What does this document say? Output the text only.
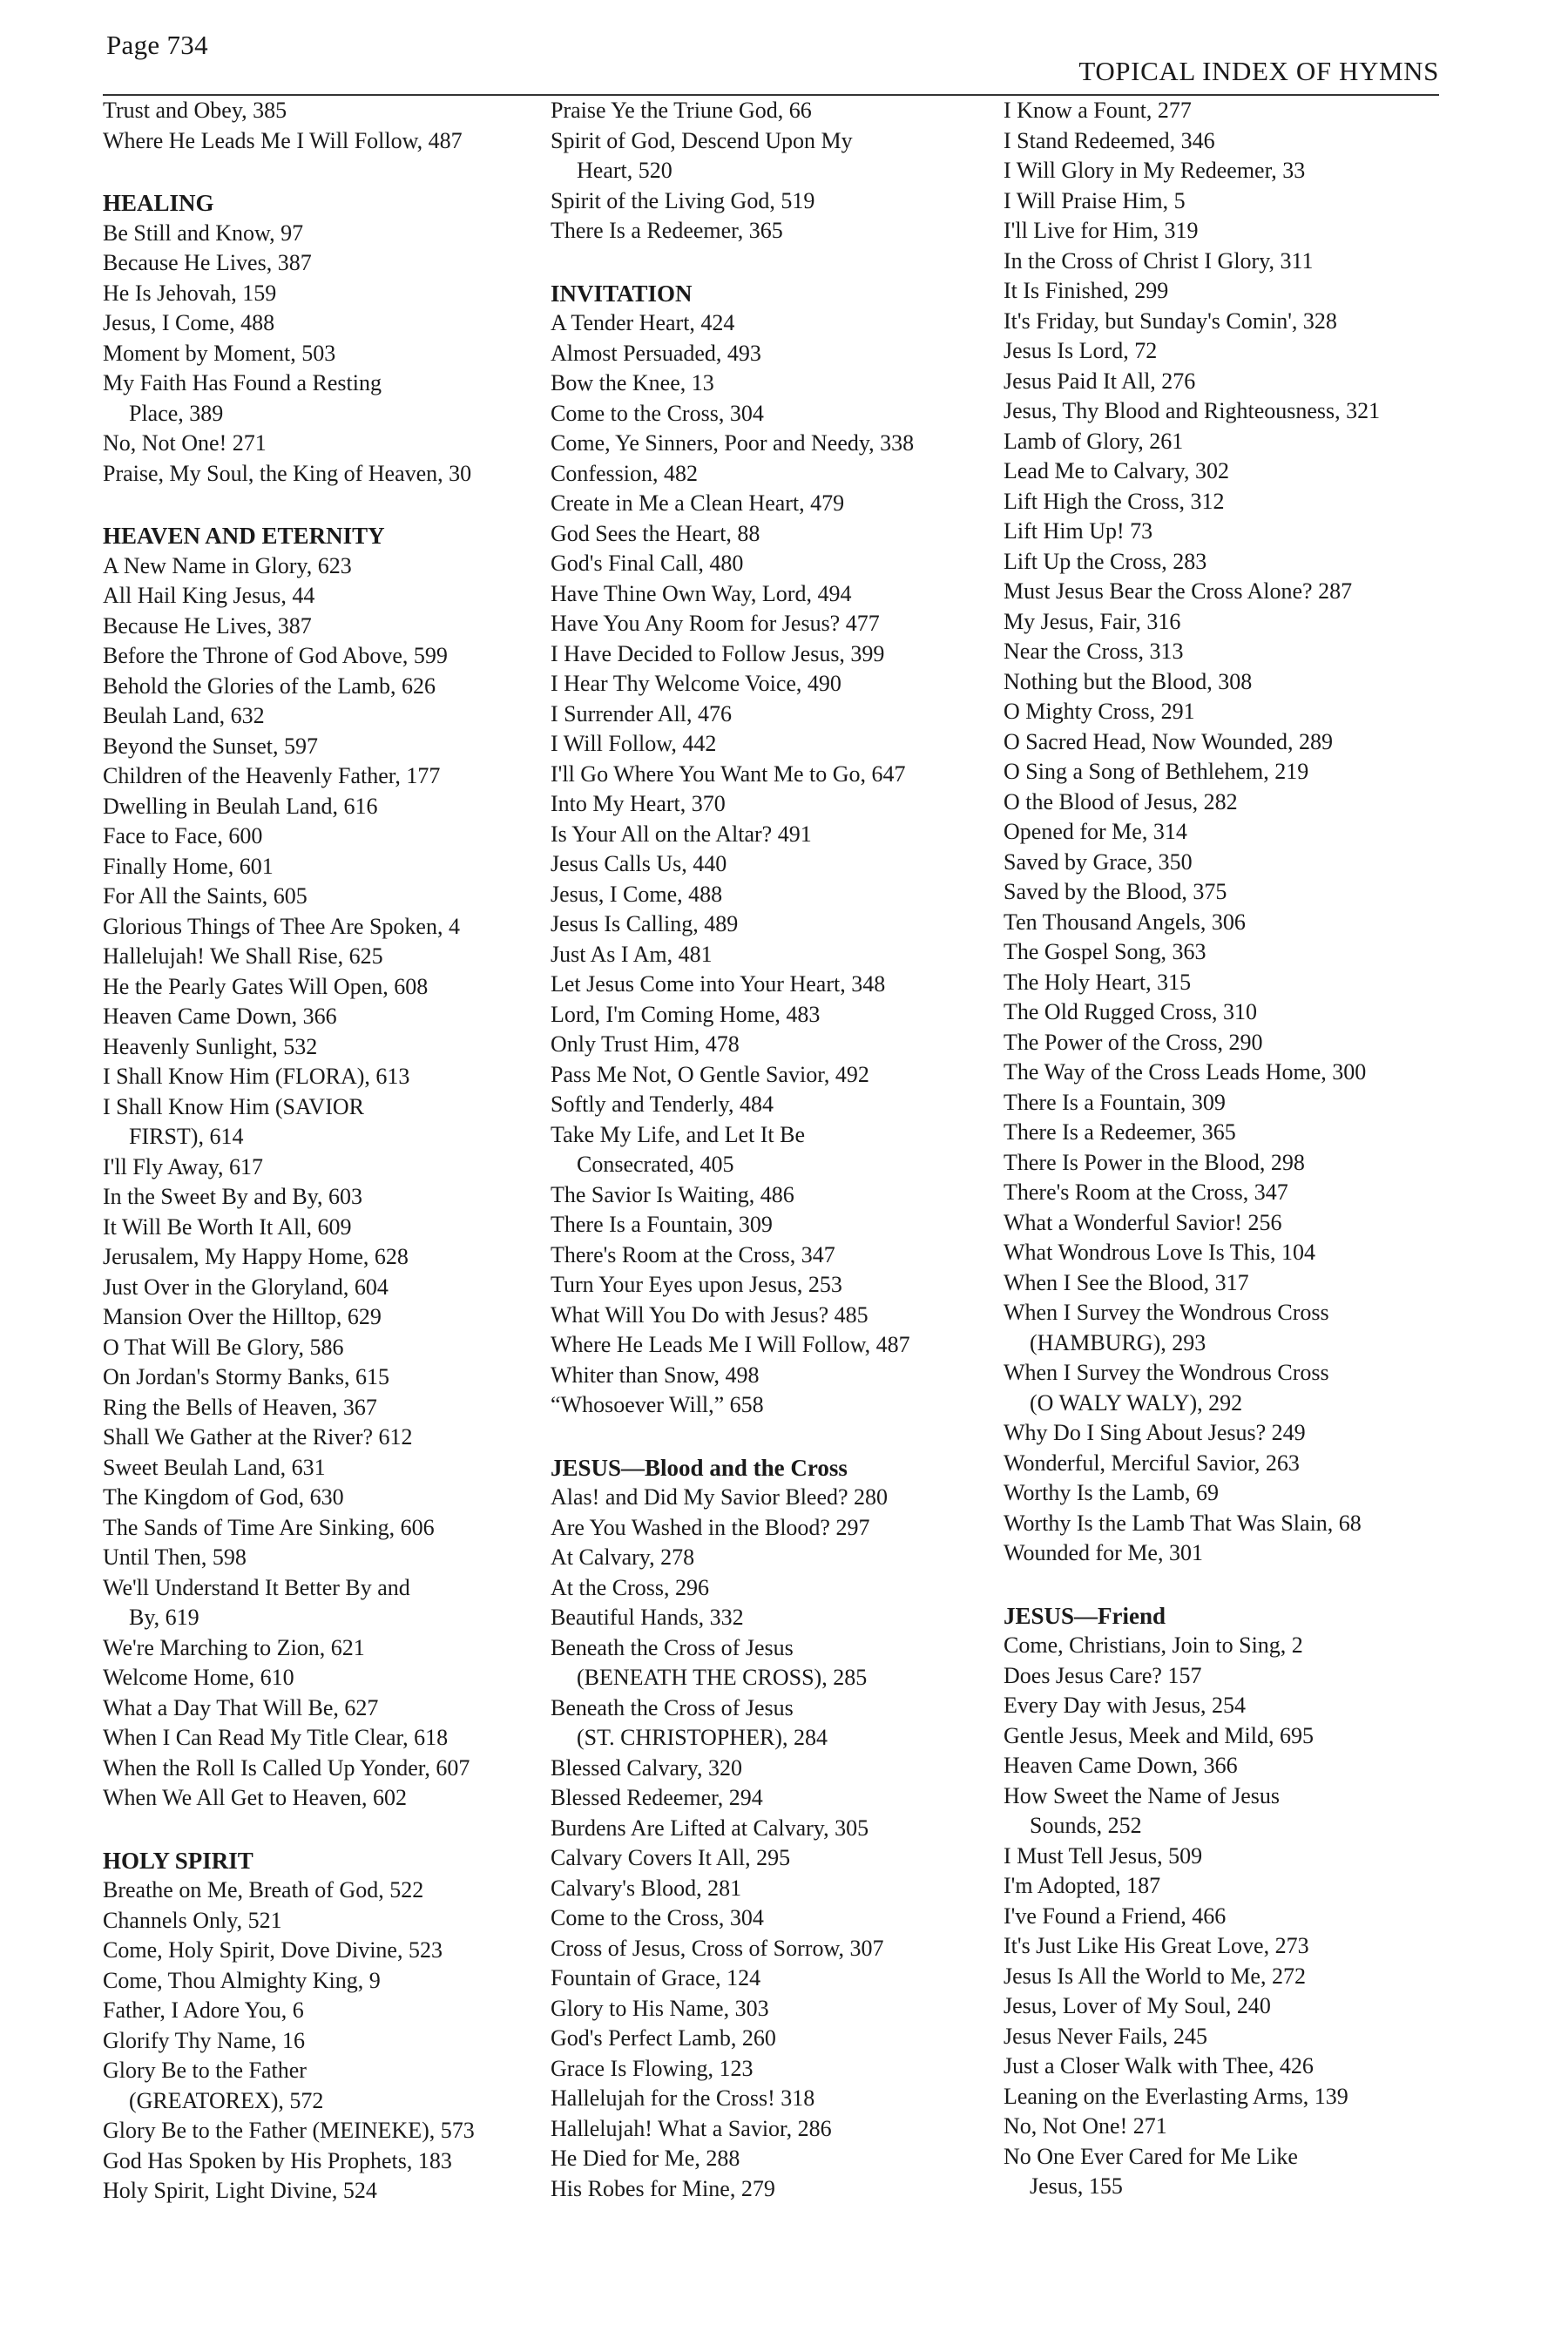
Page 734
TOPICAL INDEX OF HYMNS
Trust and Obey, 385
Where He Leads Me I Will Follow, 487
HEALING
Be Still and Know, 97
Because He Lives, 387
He Is Jehovah, 159
Jesus, I Come, 488
Moment by Moment, 503
My Faith Has Found a Resting
Place, 389
No, Not One! 271
Praise, My Soul, the King of Heaven, 30
HEAVEN AND ETERNITY
A New Name in Glory, 623
All Hail King Jesus, 44
Because He Lives, 387
Before the Throne of God Above, 599
Behold the Glories of the Lamb, 626
Beulah Land, 632
Beyond the Sunset, 597
Children of the Heavenly Father, 177
Dwelling in Beulah Land, 616
Face to Face, 600
Finally Home, 601
For All the Saints, 605
Glorious Things of Thee Are Spoken, 4
Hallelujah! We Shall Rise, 625
He the Pearly Gates Will Open, 608
Heaven Came Down, 366
Heavenly Sunlight, 532
I Shall Know Him (FLORA), 613
I Shall Know Him (SAVIOR
FIRST), 614
I'll Fly Away, 617
In the Sweet By and By, 603
It Will Be Worth It All, 609
Jerusalem, My Happy Home, 628
Just Over in the Gloryland, 604
Mansion Over the Hilltop, 629
O That Will Be Glory, 586
On Jordan's Stormy Banks, 615
Ring the Bells of Heaven, 367
Shall We Gather at the River? 612
Sweet Beulah Land, 631
The Kingdom of God, 630
The Sands of Time Are Sinking, 606
Until Then, 598
We'll Understand It Better By and
By, 619
We're Marching to Zion, 621
Welcome Home, 610
What a Day That Will Be, 627
When I Can Read My Title Clear, 618
When the Roll Is Called Up Yonder, 607
When We All Get to Heaven, 602
HOLY SPIRIT
Breathe on Me, Breath of God, 522
Channels Only, 521
Come, Holy Spirit, Dove Divine, 523
Come, Thou Almighty King, 9
Father, I Adore You, 6
Glorify Thy Name, 16
Glory Be to the Father
(GREATOREX), 572
Glory Be to the Father (MEINEKE), 573
God Has Spoken by His Prophets, 183
Holy Spirit, Light Divine, 524
Praise Ye the Triune God, 66
Spirit of God, Descend Upon My
Heart, 520
Spirit of the Living God, 519
There Is a Redeemer, 365
INVITATION
A Tender Heart, 424
Almost Persuaded, 493
Bow the Knee, 13
Come to the Cross, 304
Come, Ye Sinners, Poor and Needy, 338
Confession, 482
Create in Me a Clean Heart, 479
God Sees the Heart, 88
God's Final Call, 480
Have Thine Own Way, Lord, 494
Have You Any Room for Jesus? 477
I Have Decided to Follow Jesus, 399
I Hear Thy Welcome Voice, 490
I Surrender All, 476
I Will Follow, 442
I'll Go Where You Want Me to Go, 647
Into My Heart, 370
Is Your All on the Altar? 491
Jesus Calls Us, 440
Jesus, I Come, 488
Jesus Is Calling, 489
Just As I Am, 481
Let Jesus Come into Your Heart, 348
Lord, I'm Coming Home, 483
Only Trust Him, 478
Pass Me Not, O Gentle Savior, 492
Softly and Tenderly, 484
Take My Life, and Let It Be
Consecrated, 405
The Savior Is Waiting, 486
There Is a Fountain, 309
There's Room at the Cross, 347
Turn Your Eyes upon Jesus, 253
What Will You Do with Jesus? 485
Where He Leads Me I Will Follow, 487
Whiter than Snow, 498
“Whosoever Will,” 658
JESUS—Blood and the Cross
Alas! and Did My Savior Bleed? 280
Are You Washed in the Blood? 297
At Calvary, 278
At the Cross, 296
Beautiful Hands, 332
Beneath the Cross of Jesus
(BENEATH THE CROSS), 285
Beneath the Cross of Jesus
(ST. CHRISTOPHER), 284
Blessed Calvary, 320
Blessed Redeemer, 294
Burdens Are Lifted at Calvary, 305
Calvary Covers It All, 295
Calvary's Blood, 281
Come to the Cross, 304
Cross of Jesus, Cross of Sorrow, 307
Fountain of Grace, 124
Glory to His Name, 303
God's Perfect Lamb, 260
Grace Is Flowing, 123
Hallelujah for the Cross! 318
Hallelujah! What a Savior, 286
He Died for Me, 288
His Robes for Mine, 279
I Know a Fount, 277
I Stand Redeemed, 346
I Will Glory in My Redeemer, 33
I Will Praise Him, 5
I'll Live for Him, 319
In the Cross of Christ I Glory, 311
It Is Finished, 299
It's Friday, but Sunday's Comin', 328
Jesus Is Lord, 72
Jesus Paid It All, 276
Jesus, Thy Blood and Righteousness, 321
Lamb of Glory, 261
Lead Me to Calvary, 302
Lift High the Cross, 312
Lift Him Up! 73
Lift Up the Cross, 283
Must Jesus Bear the Cross Alone? 287
My Jesus, Fair, 316
Near the Cross, 313
Nothing but the Blood, 308
O Mighty Cross, 291
O Sacred Head, Now Wounded, 289
O Sing a Song of Bethlehem, 219
O the Blood of Jesus, 282
Opened for Me, 314
Saved by Grace, 350
Saved by the Blood, 375
Ten Thousand Angels, 306
The Gospel Song, 363
The Holy Heart, 315
The Old Rugged Cross, 310
The Power of the Cross, 290
The Way of the Cross Leads Home, 300
There Is a Fountain, 309
There Is a Redeemer, 365
There Is Power in the Blood, 298
There's Room at the Cross, 347
What a Wonderful Savior! 256
What Wondrous Love Is This, 104
When I See the Blood, 317
When I Survey the Wondrous Cross
(HAMBURG), 293
When I Survey the Wondrous Cross
(O WALY WALY), 292
Why Do I Sing About Jesus? 249
Wonderful, Merciful Savior, 263
Worthy Is the Lamb, 69
Worthy Is the Lamb That Was Slain, 68
Wounded for Me, 301
JESUS—Friend
Come, Christians, Join to Sing, 2
Does Jesus Care? 157
Every Day with Jesus, 254
Gentle Jesus, Meek and Mild, 695
Heaven Came Down, 366
How Sweet the Name of Jesus
Sounds, 252
I Must Tell Jesus, 509
I'm Adopted, 187
I've Found a Friend, 466
It's Just Like His Great Love, 273
Jesus Is All the World to Me, 272
Jesus, Lover of My Soul, 240
Jesus Never Fails, 245
Just a Closer Walk with Thee, 426
Leaning on the Everlasting Arms, 139
No, Not One! 271
No One Ever Cared for Me Like
Jesus, 155
